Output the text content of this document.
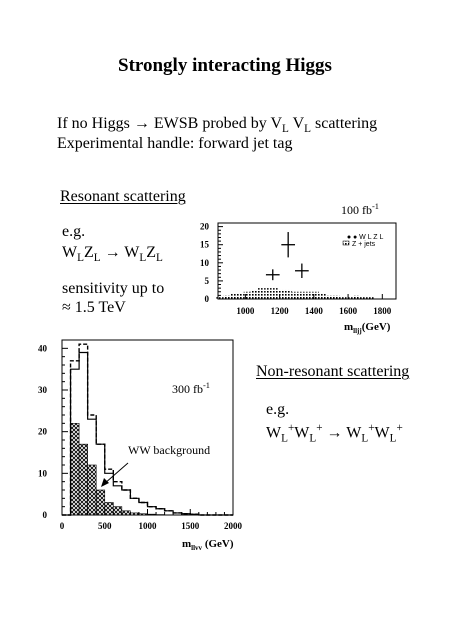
Strongly interacting Higgs
If no Higgs → EWSB probed by $V_L$ $V_L$ scattering
Experimental handle: forward jet tag
Resonant scattering
100 $fb^{-1}$
e.g.
$W_LZ_L \to W_LZ_L$
sensitivity up to
≈ 1.5 TeV	0
5
10
15
20
1000 1200 1400 1600 1800
● W L Z L
Z + jets
$m_{lljj}(GeV)$
0
10
20
30
40
0	500	1000	1500	2000
$m_{llvv}$ (GeV)
300 $fb^{-1}$
WW background
Non-resonant scattering
e.g.
$W_L^+W_L^+ \to W_L^+W_L^+$
